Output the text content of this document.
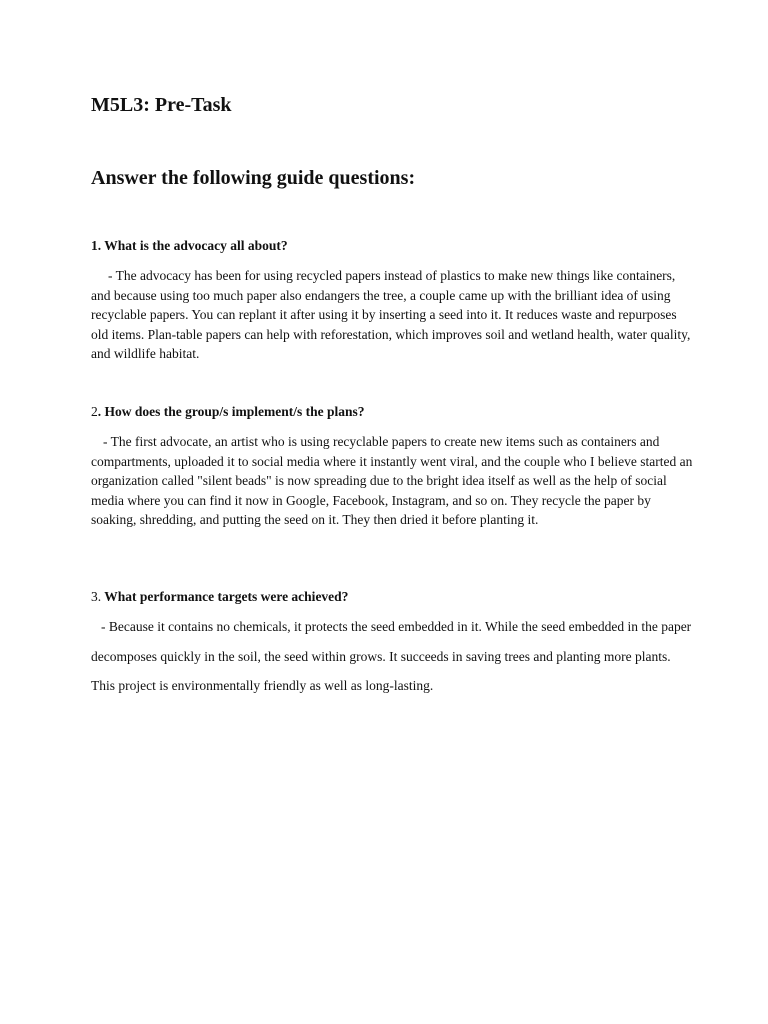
M5L3: Pre-Task
Answer the following guide questions:

1. What is the advocacy all about?

- The advocacy has been for using recycled papers instead of plastics to make new things like containers, and because using too much paper also endangers the tree, a couple came up with the brilliant idea of using recyclable papers. You can replant it after using it by inserting a seed into it. It reduces waste and repurposes old items. Plan-table papers can help with reforestation, which improves soil and wetland health, water quality, and wildlife habitat.

2. How does the group/s implement/s the plans?

- The first advocate, an artist who is using recyclable papers to create new items such as containers and compartments, uploaded it to social media where it instantly went viral, and the couple who I believe started an organization called "silent beads" is now spreading due to the bright idea itself as well as the help of social media where you can find it now in Google, Facebook, Instagram, and so on. They recycle the paper by soaking, shredding, and putting the seed on it. They then dried it before planting it.

3. What performance targets were achieved?

- Because it contains no chemicals, it protects the seed embedded in it. While the seed embedded in the paper decomposes quickly in the soil, the seed within grows. It succeeds in saving trees and planting more plants. This project is environmentally friendly as well as long-lasting.
